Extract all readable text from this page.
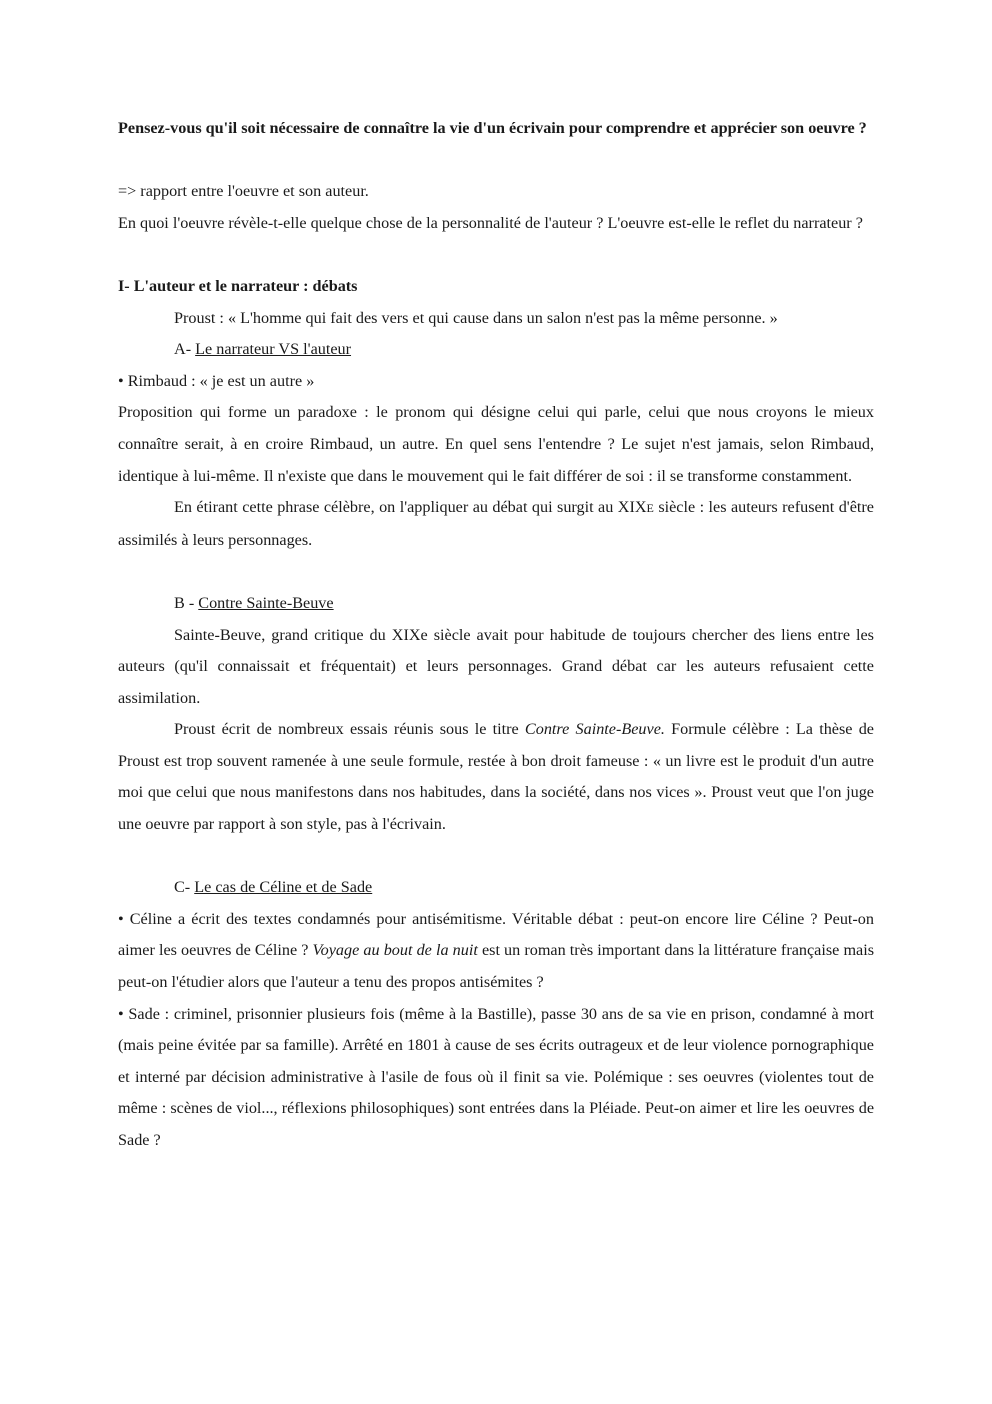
Pensez-vous qu'il soit nécessaire de connaître la vie d'un écrivain pour comprendre et apprécier son oeuvre ?

=> rapport entre l'oeuvre et son auteur.

En quoi l'oeuvre révèle-t-elle quelque chose de la personnalité de l'auteur ? L'oeuvre est-elle le reflet du narrateur ?

I- L'auteur et le narrateur : débats

Proust : « L'homme qui fait des vers et qui cause dans un salon n'est pas la même personne. »

A- Le narrateur VS l'auteur

• Rimbaud : « je est un autre »

Proposition qui forme un paradoxe : le pronom qui désigne celui qui parle, celui que nous croyons le mieux connaître serait, à en croire Rimbaud, un autre. En quel sens l'entendre ? Le sujet n'est jamais, selon Rimbaud, identique à lui-même. Il n'existe que dans le mouvement qui le fait différer de soi : il se transforme constamment.

En étirant cette phrase célèbre, on l'appliquer au débat qui surgit au XIXE siècle : les auteurs refusent d'être assimilés à leurs personnages.

B - Contre Sainte-Beuve

Sainte-Beuve, grand critique du XIXe siècle avait pour habitude de toujours chercher des liens entre les auteurs (qu'il connaissait et fréquentait) et leurs personnages. Grand débat car les auteurs refusaient cette assimilation.

Proust écrit de nombreux essais réunis sous le titre Contre Sainte-Beuve. Formule célèbre : La thèse de Proust est trop souvent ramenée à une seule formule, restée à bon droit fameuse : « un livre est le produit d'un autre moi que celui que nous manifestons dans nos habitudes, dans la société, dans nos vices ». Proust veut que l'on juge une oeuvre par rapport à son style, pas à l'écrivain.

C- Le cas de Céline et de Sade

• Céline a écrit des textes condamnés pour antisémitisme. Véritable débat : peut-on encore lire Céline ? Peut-on aimer les oeuvres de Céline ? Voyage au bout de la nuit est un roman très important dans la littérature française mais peut-on l'étudier alors que l'auteur a tenu des propos antisémites ?

• Sade : criminel, prisonnier plusieurs fois (même à la Bastille), passe 30 ans de sa vie en prison, condamné à mort (mais peine évitée par sa famille). Arrêté en 1801 à cause de ses écrits outrageux et de leur violence pornographique et interné par décision administrative à l'asile de fous où il finit sa vie. Polémique : ses oeuvres (violentes tout de même : scènes de viol..., réflexions philosophiques) sont entrées dans la Pléiade. Peut-on aimer et lire les oeuvres de Sade ?
